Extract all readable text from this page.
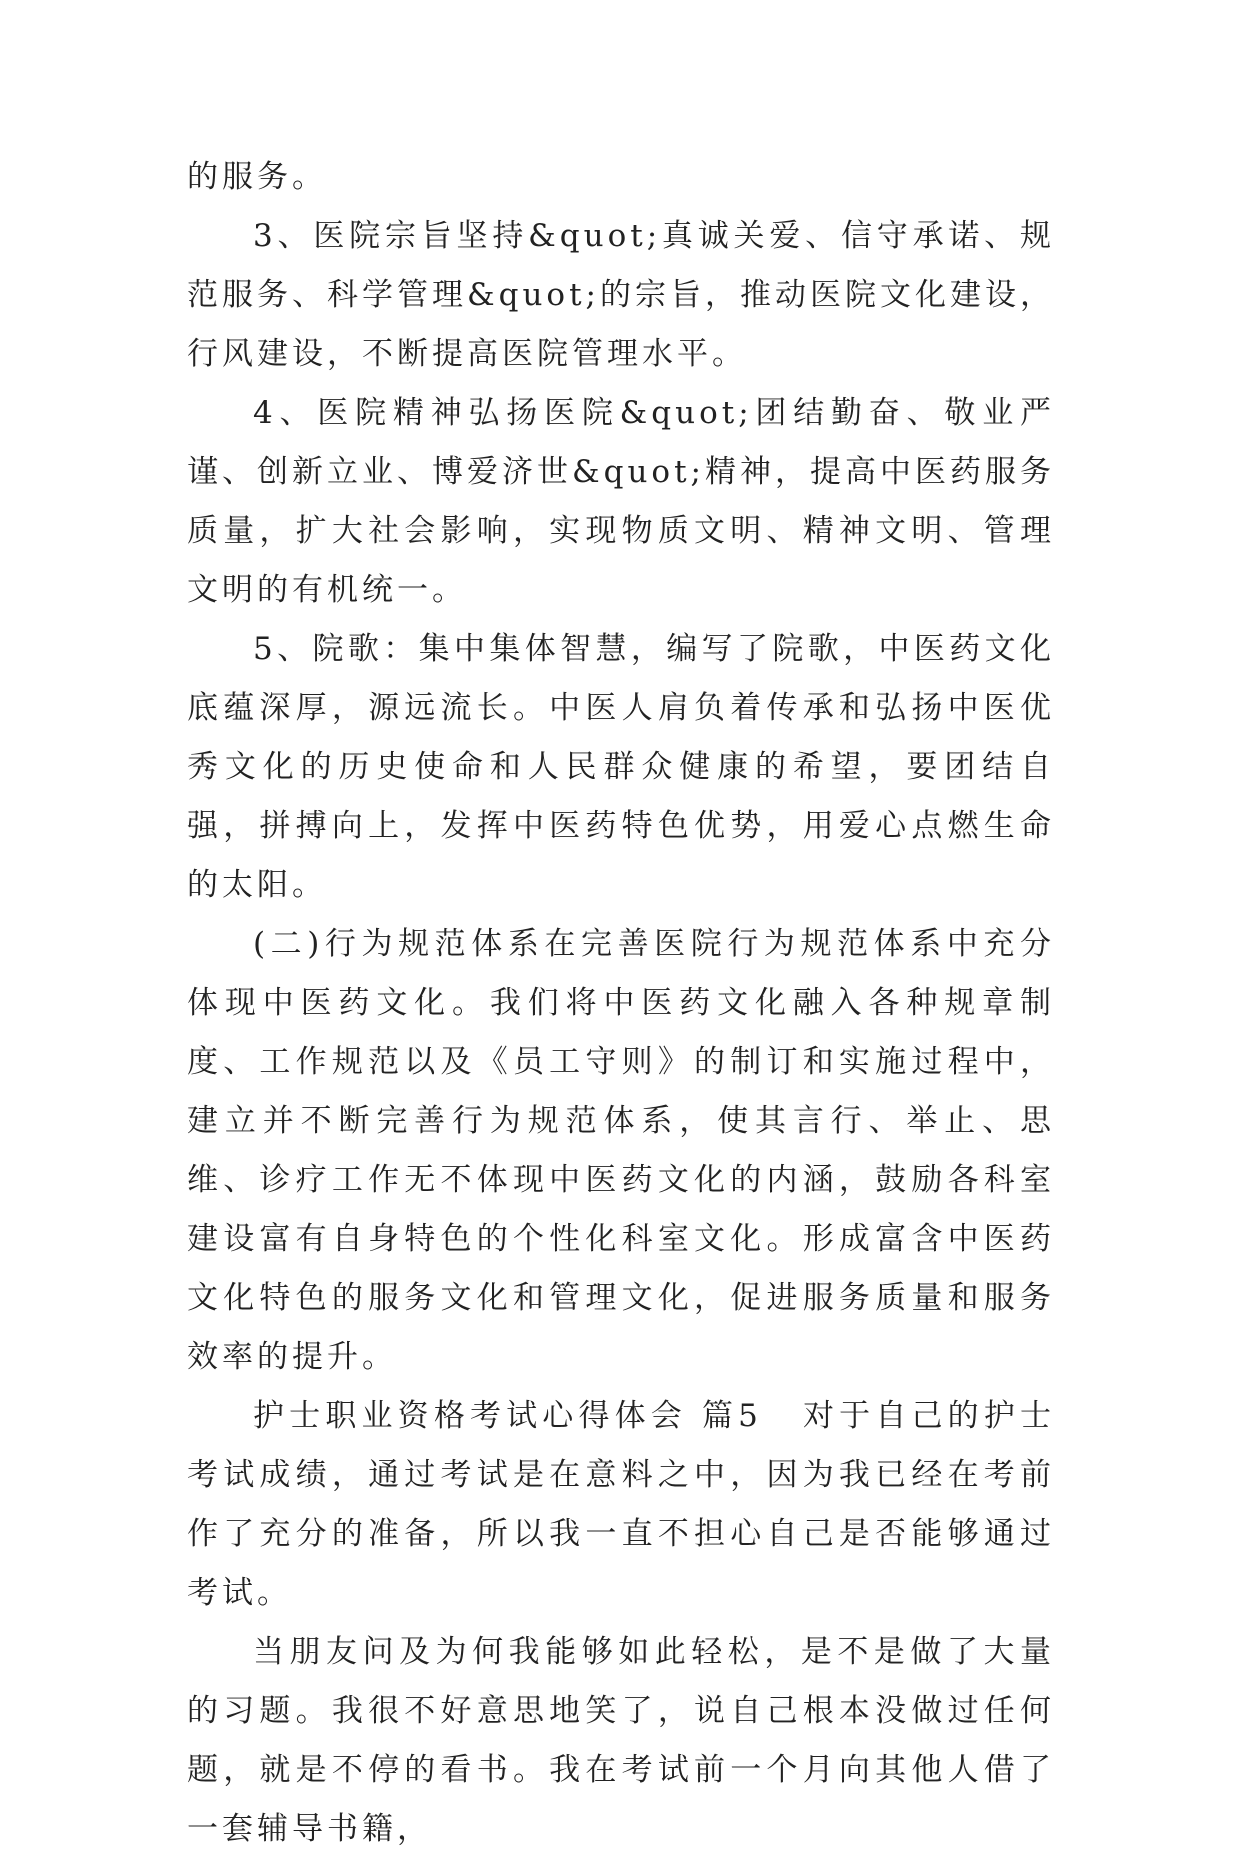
的服务。

3、医院宗旨坚持&quot;真诚关爱、信守承诺、规范服务、科学管理&quot;的宗旨，推动医院文化建设，行风建设，不断提高医院管理水平。

4、医院精神弘扬医院&quot;团结勤奋、敬业严谨、创新立业、博爱济世&quot;精神，提高中医药服务质量，扩大社会影响，实现物质文明、精神文明、管理文明的有机统一。

5、院歌：集中集体智慧，编写了院歌，中医药文化底蕴深厚，源远流长。中医人肩负着传承和弘扬中医优秀文化的历史使命和人民群众健康的希望，要团结自强，拼搏向上，发挥中医药特色优势，用爱心点燃生命的太阳。

(二)行为规范体系在完善医院行为规范体系中充分体现中医药文化。我们将中医药文化融入各种规章制度、工作规范以及《员工守则》的制订和实施过程中，建立并不断完善行为规范体系，使其言行、举止、思维、诊疗工作无不体现中医药文化的内涵，鼓励各科室建设富有自身特色的个性化科室文化。形成富含中医药文化特色的服务文化和管理文化，促进服务质量和服务效率的提升。

护士职业资格考试心得体会 篇5 对于自己的护士考试成绩，通过考试是在意料之中，因为我已经在考前作了充分的准备，所以我一直不担心自己是否能够通过考试。

当朋友问及为何我能够如此轻松，是不是做了大量的习题。我很不好意思地笑了，说自己根本没做过任何题，就是不停的看书。我在考试前一个月向其他人借了一套辅导书籍，
